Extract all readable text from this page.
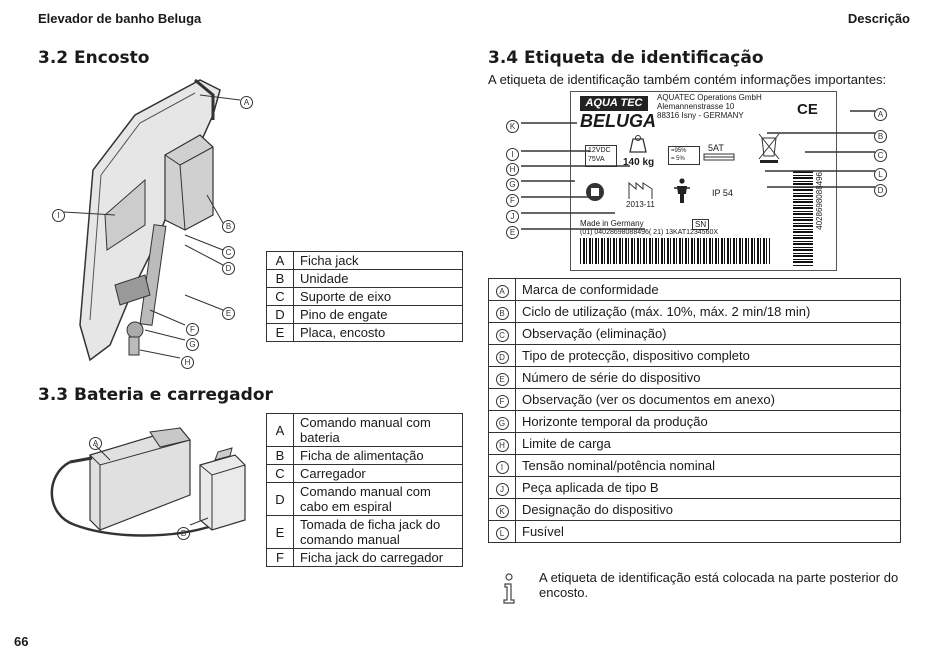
Elevador de banho Beluga	Descrição
3.2 Encosto
A
B
C
D
E
F
G
H
I
A	Ficha jack
B	Unidade
C	Suporte de eixo
D	Pino de engate
E	Placa, encosto
3.3 Bateria e carregador
A
B
A	Comando manual com bateria
B	Ficha de alimentação
C	Carregador
D	Comando manual com cabo em espiral
E	Tomada de ficha jack do comando manual
F	Ficha jack do carregador
3.4 Etiqueta de identificação
A etiqueta de identificação também contém informações importantes:
AQUA TEC
BELUGA
AQUATEC Operations GmbH
Alemannenstrasse 10
88316 Isny - GERMANY	CE
12VDC
75VA	140 kg
=95%
= 5%
5AT
2013-11
IP 54
Made in Germany	SN
(01) 04028698088496( 21) 13KAT1234560X
4028698088496
K
I
H
G
F
J
E
A
B
C
L
D
A	Marca de conformidade
B	Ciclo de utilização (máx. 10%, máx. 2 min/18 min)
C	Observação (eliminação)
D	Tipo de protecção, dispositivo completo
E	Número de série do dispositivo
F	Observação (ver os documentos em anexo)
G	Horizonte temporal da produção
H	Limite de carga
I	Tensão nominal/potência nominal
J	Peça aplicada de tipo B
K	Designação do dispositivo
L	Fusível
A etiqueta de identificação está colocada na parte posterior do encosto.
66
